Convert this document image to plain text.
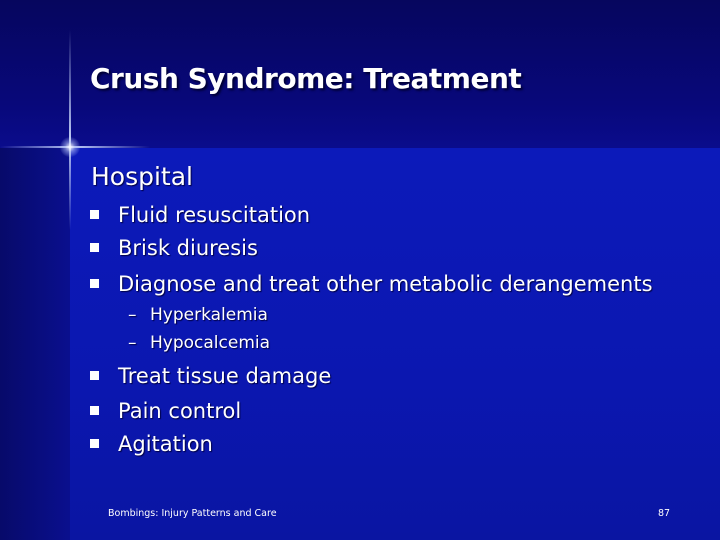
Crush Syndrome: Treatment
Hospital
Fluid resuscitation
Brisk diuresis
Diagnose and treat other metabolic derangements
– Hyperkalemia
– Hypocalcemia
Treat tissue damage
Pain control
Agitation
Bombings: Injury Patterns and Care	87
